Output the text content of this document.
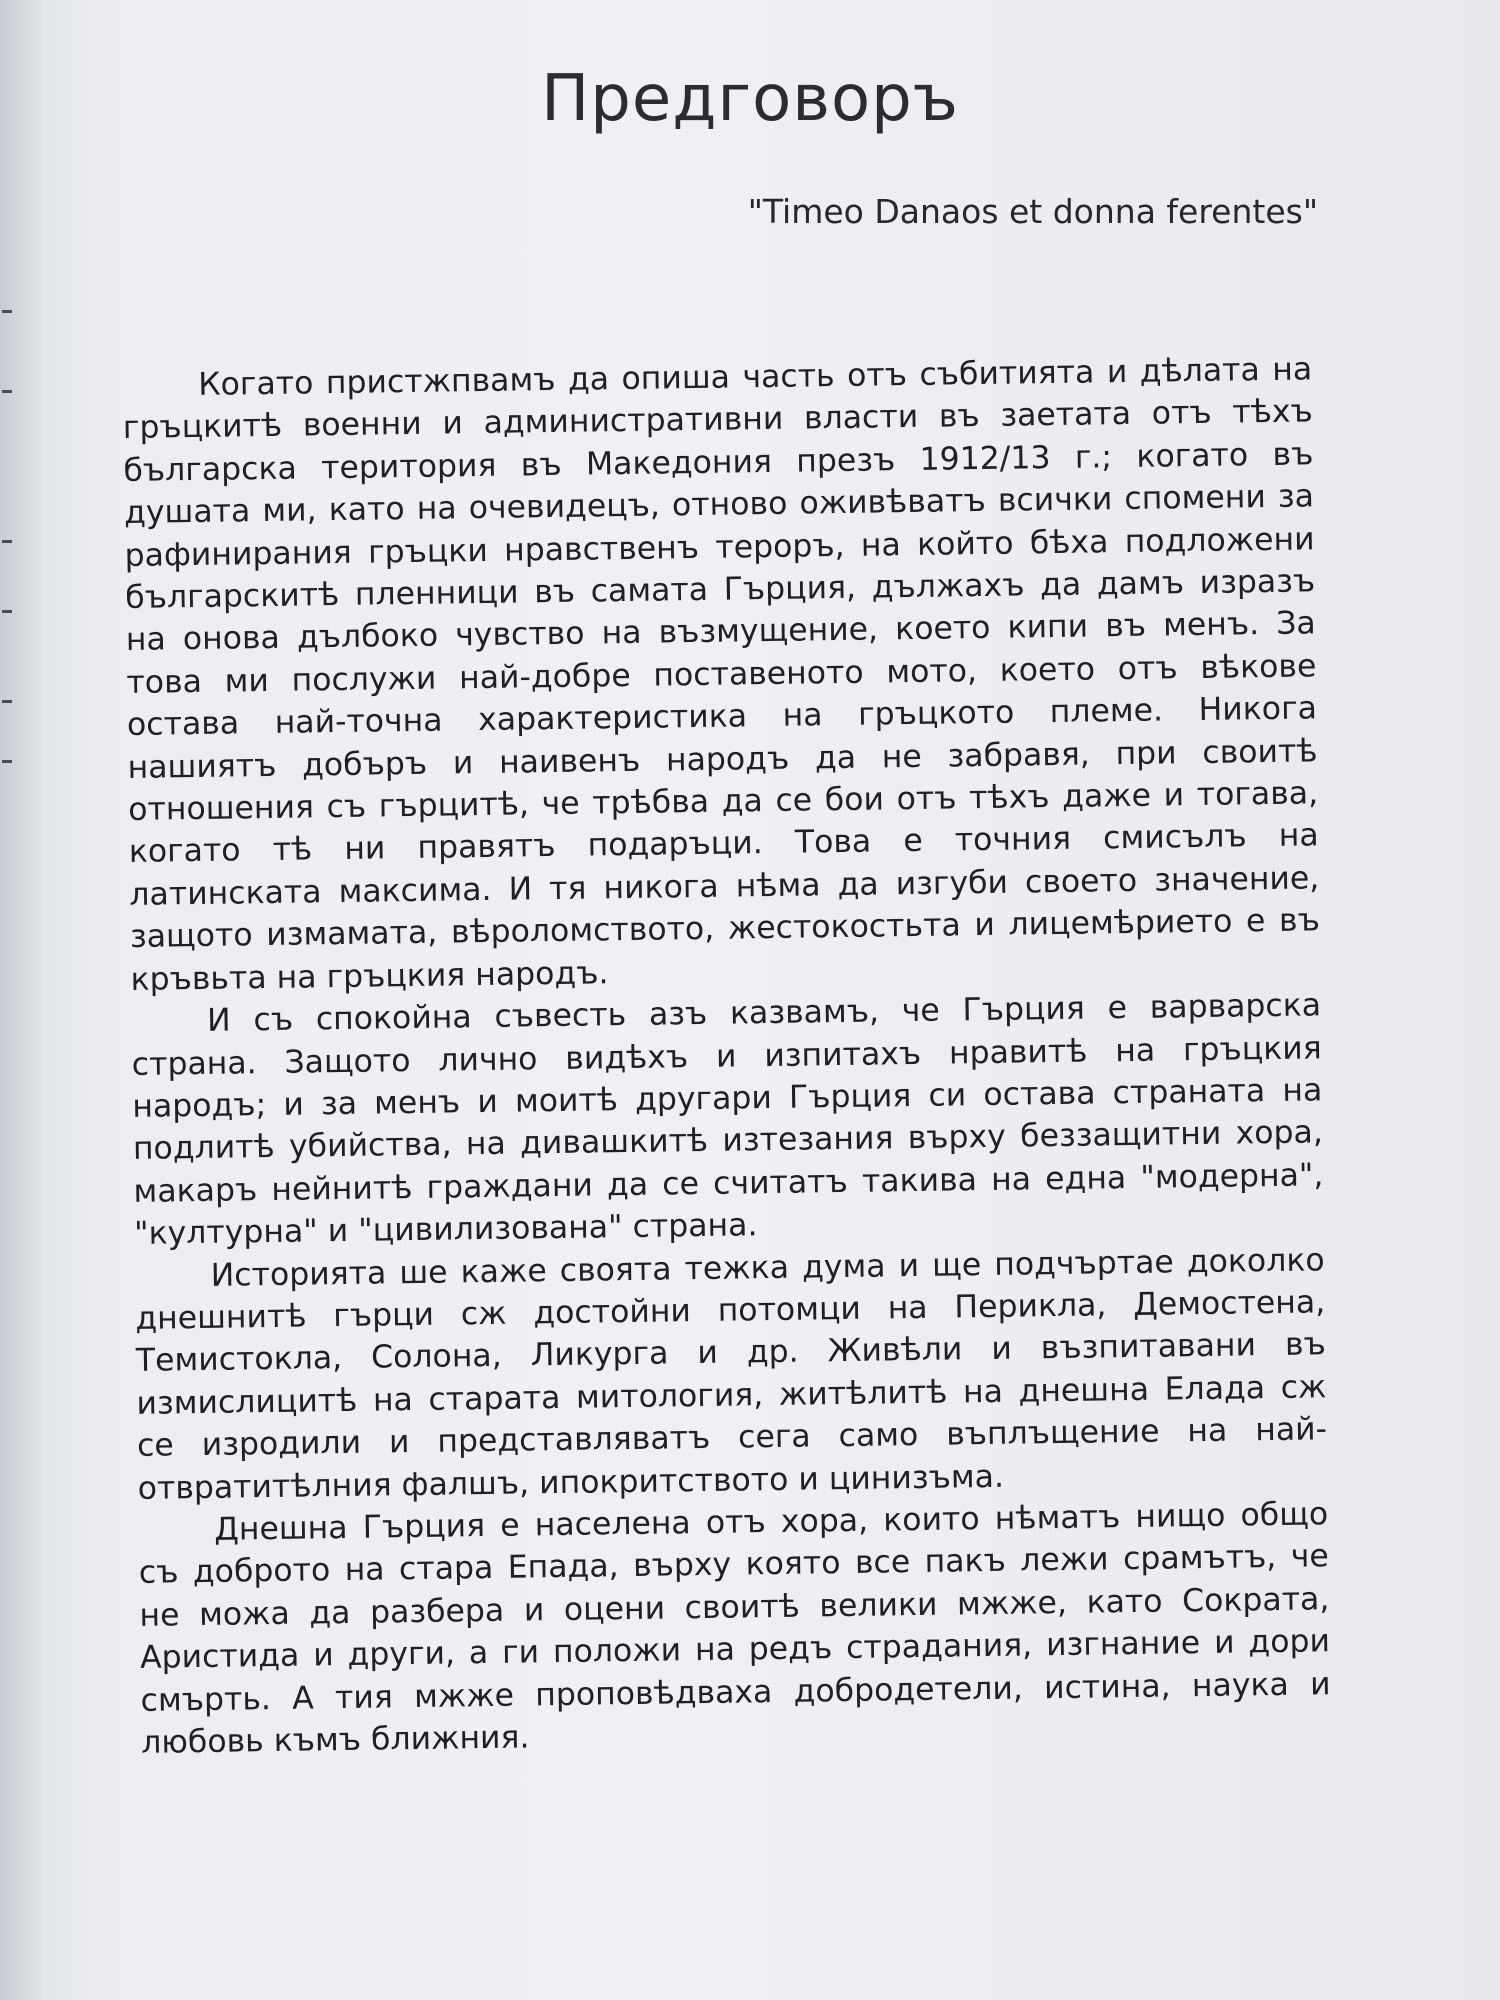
Предговоръ
"Timeo Danaos et donna ferentes"

Когато пристжпвамъ да опиша часть отъ събитията и дѣлата на гръцкитѣ военни и административни власти въ заетата отъ тѣхъ българска територия въ Македония презъ 1912/13 г.; когато въ душата ми, като на очевидецъ, отново оживѣватъ всички спомени за рафинирания гръцки нравственъ тероръ, на който бѣха подложени българскитѣ пленници въ самата Гърция, дължахъ да дамъ изразъ на онова дълбоко чувство на възмущение, което кипи въ менъ. За това ми послужи най-добре поставеното мото, което отъ вѣкове остава най-точна характеристика на гръцкото племе. Никога нашиятъ добъръ и наивенъ народъ да не забравя, при своитѣ отношения съ гърцитѣ, че трѣбва да се бои отъ тѣхъ даже и тогава, когато тѣ ни правятъ подаръци. Това е точния смисълъ на латинската максима. И тя никога нѣма да изгуби своето значение, защото измамата, вѣроломството, жестокостьта и лицемѣрието е въ кръвьта на гръцкия народъ.

И съ спокойна съвесть азъ казвамъ, че Гърция е варварска страна. Защото лично видѣхъ и изпитахъ нравитѣ на гръцкия народъ; и за менъ и моитѣ другари Гърция си остава страната на подлитѣ убийства, на дивашкитѣ изтезания върху беззащитни хора, макаръ нейнитѣ граждани да се считатъ такива на една "модерна", "културна" и "цивилизована" страна.

Историята ше каже своята тежка дума и ще подчъртае доколко днешнитѣ гърци сж достойни потомци на Перикла, Демостена, Темистокла, Солона, Ликурга и др. Живѣли и възпитавани въ измислицитѣ на старата митология, житѣлитѣ на днешна Елада сж се изродили и представляватъ сега само въплъщение на най-отвратитѣлния фалшъ, ипокритството и цинизъма.

Днешна Гърция е населена отъ хора, които нѣматъ нищо общо съ доброто на стара Епада, върху която все пакъ лежи срамътъ, че не можа да разбера и оцени своитѣ велики мжже, като Сократа, Аристида и други, а ги положи на редъ страдания, изгнание и дори смърть. А тия мжже проповѣдваха добродетели, истина, наука и любовь къмъ ближния.
